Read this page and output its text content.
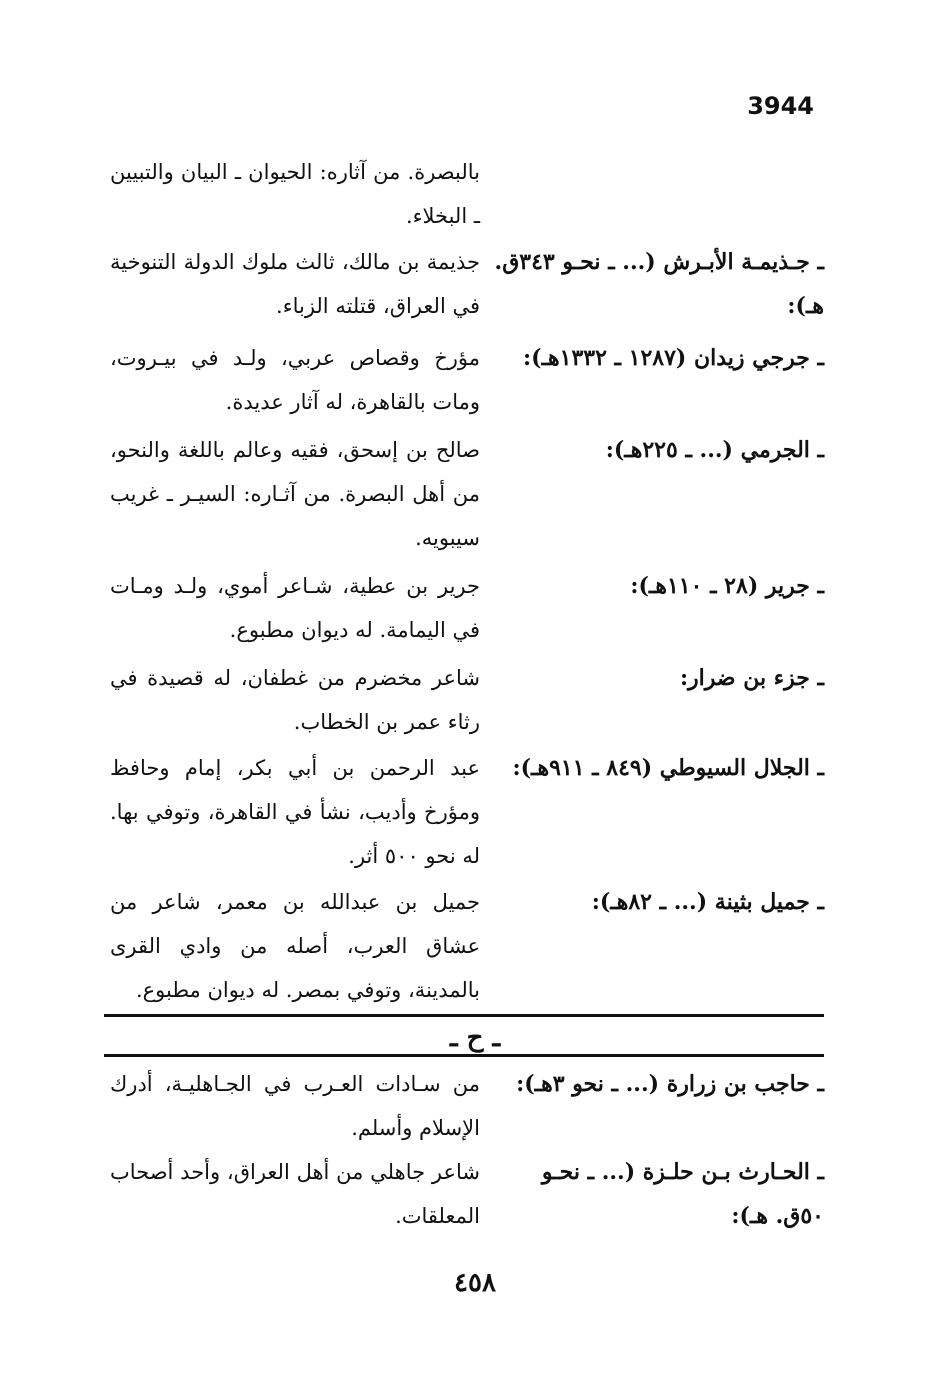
3944
بالبصرة. من آثاره: الحيوان ـ البيان والتبيين ـ البخلاء.
ـ جـذيمـة الأبـرش (... ـ نحـو ٣٤٣ق. هـ):
جذيمة بن مالك، ثالث ملوك الدولة التنوخية في العراق، قتلته الزباء.
ـ جرجي زيدان (١٢٨٧ ـ ١٣٣٢هـ):
مؤرخ وقصاص عربي، ولـد في بيـروت، ومات بالقاهرة، له آثار عديدة.
ـ الجرمي (... ـ ٢٢٥هـ):
صالح بن إسحق، فقيه وعالم باللغة والنحو، من أهل البصرة. من آثـاره: السيـر ـ غريب سيبويه.
ـ جرير (٢٨ ـ ١١٠هـ):
جرير بن عطية، شـاعر أموي، ولـد ومـات في اليمامة. له ديوان مطبوع.
ـ جزء بن ضرار:
شاعر مخضرم من غطفان، له قصيدة في رثاء عمر بن الخطاب.
ـ الجلال السيوطي (٨٤٩ ـ ٩١١هـ):
عبد الرحمن بن أبي بكر، إمام وحافظ ومؤرخ وأديب، نشأ في القاهرة، وتوفي بها. له نحو ٥٠٠ أثر.
ـ جميل بثينة (... ـ ٨٢هـ):
جميل بن عبدالله بن معمر، شاعر من عشاق العرب، أصله من وادي القرى بالمدينة، وتوفي بمصر. له ديوان مطبوع.
ـ حاجب بن زرارة (... ـ نحو ٣هـ):
من سـادات العـرب في الجـاهليـة، أدرك الإسلام وأسلم.
ـ الحـارث بـن حلـزة (... ـ نحـو ٥٠ق. هـ):
شاعر جاهلي من أهل العراق، وأحد أصحاب المعلقات.
ـ ح ـ
٤٥٨
